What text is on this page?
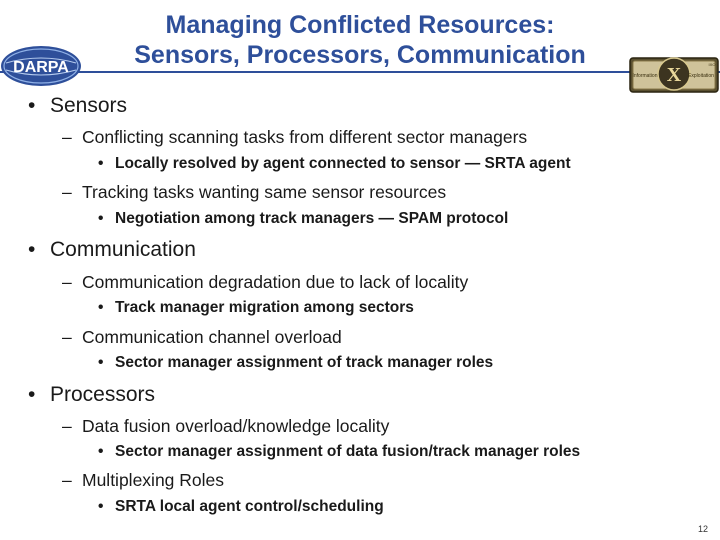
Managing Conflicted Resources:
Sensors, Processors, Communication
DARPA	X
Information	Exploitation
IXO
• Sensors
– Conflicting scanning tasks from different sector managers
• Locally resolved by agent connected to sensor — SRTA agent
– Tracking tasks wanting same sensor resources
• Negotiation among track managers — SPAM protocol
• Communication
– Communication degradation due to lack of locality
• Track manager migration among sectors
– Communication channel overload
• Sector manager assignment of track manager roles
• Processors
– Data fusion overload/knowledge locality
• Sector manager assignment of data fusion/track manager roles
– Multiplexing Roles
• SRTA local agent control/scheduling
12
